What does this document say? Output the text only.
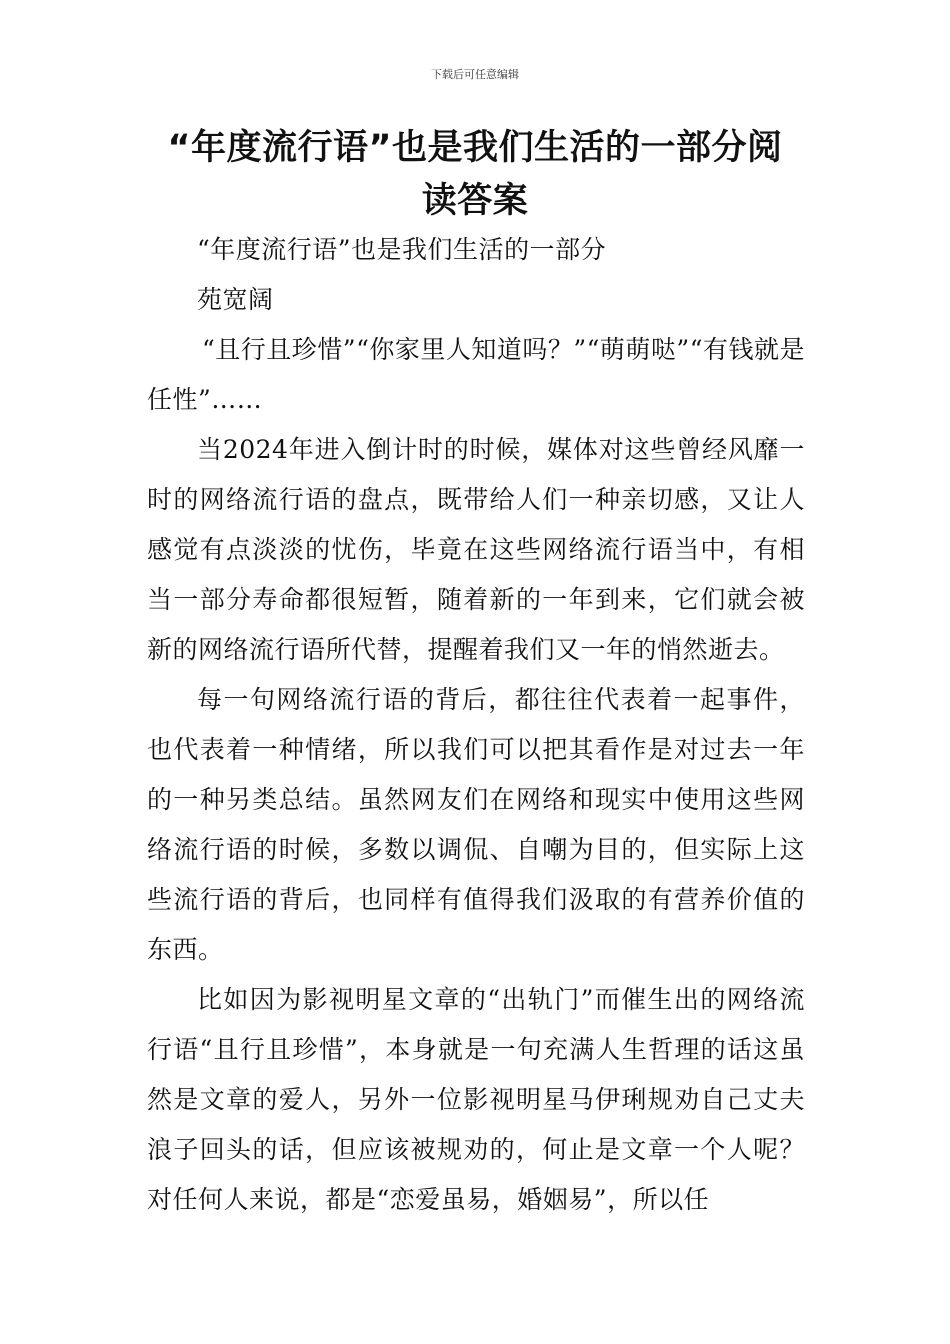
下载后可任意编辑
“年度流行语”也是我们生活的一部分阅读答案

“年度流行语”也是我们生活的一部分

苑宽阔

“且行且珍惜”“你家里人知道吗？”“萌萌哒”“有钱就是任性”……

当2024年进入倒计时的时候，媒体对这些曾经风靡一时的网络流行语的盘点，既带给人们一种亲切感，又让人感觉有点淡淡的忧伤，毕竟在这些网络流行语当中，有相当一部分寿命都很短暂，随着新的一年到来，它们就会被新的网络流行语所代替，提醒着我们又一年的悄然逝去。

每一句网络流行语的背后，都往往代表着一起事件，也代表着一种情绪，所以我们可以把其看作是对过去一年的一种另类总结。虽然网友们在网络和现实中使用这些网络流行语的时候，多数以调侃、自嘲为目的，但实际上这些流行语的背后，也同样有值得我们汲取的有营养价值的东西。

比如因为影视明星文章的“出轨门”而催生出的网络流行语“且行且珍惜”，本身就是一句充满人生哲理的话这虽然是文章的爱人，另外一位影视明星马伊琍规劝自己丈夫浪子回头的话，但应该被规劝的，何止是文章一个人呢？对任何人来说，都是“恋爱虽易，婚姻易”，所以任
